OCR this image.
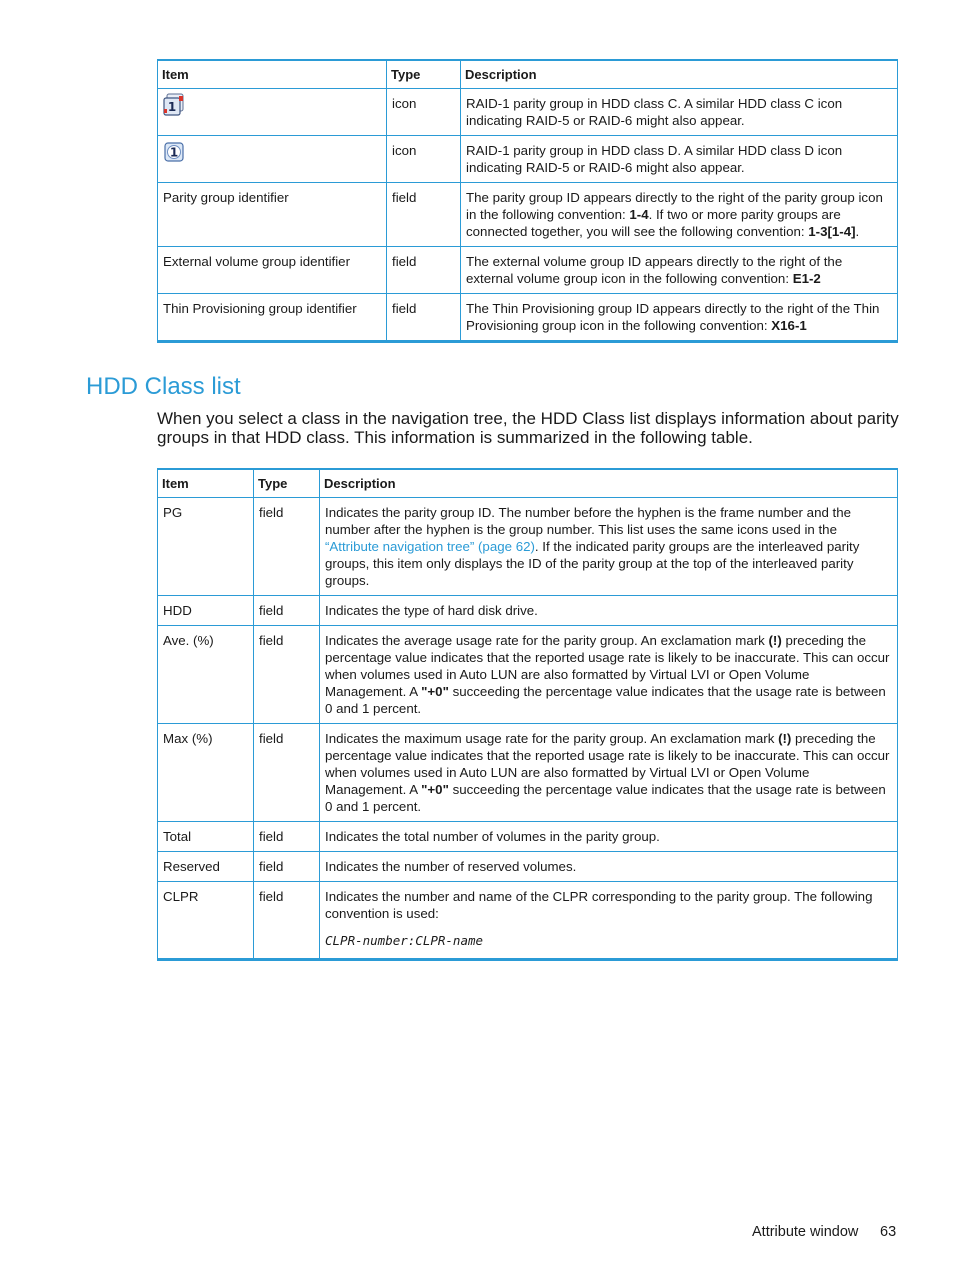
Item	Type	Description

1	icon	RAID-1 parity group in HDD class C. A similar HDD class C icon indicating RAID-5 or RAID-6 might also appear.

1	icon	RAID-1 parity group in HDD class D. A similar HDD class D icon indicating RAID-5 or RAID-6 might also appear.
Parity group identifier	field	The parity group ID appears directly to the right of the parity group icon in the following convention: 1-4. If two or more parity groups are connected together, you will see the following convention: 1-3[1-4].
External volume group identifier	field	The external volume group ID appears directly to the right of the external volume group icon in the following convention: E1-2
Thin Provisioning group identifier	field	The Thin Provisioning group ID appears directly to the right of the Thin Provisioning group icon in the following convention: X16-1
HDD Class list

When you select a class in the navigation tree, the HDD Class list displays information about parity groups in that HDD class. This information is summarized in the following table.

Item	Type	Description
PG	field	Indicates the parity group ID. The number before the hyphen is the frame number and the number after the hyphen is the group number. This list uses the same icons used in the “Attribute navigation tree” (page 62). If the indicated parity groups are the interleaved parity groups, this item only displays the ID of the parity group at the top of the interleaved parity groups.
HDD	field	Indicates the type of hard disk drive.
Ave. (%)	field	Indicates the average usage rate for the parity group. An exclamation mark (!) preceding the percentage value indicates that the reported usage rate is likely to be inaccurate. This can occur when volumes used in Auto LUN are also formatted by Virtual LVI or Open Volume Management. A "+0" succeeding the percentage value indicates that the usage rate is between 0 and 1 percent.
Max (%)	field	Indicates the maximum usage rate for the parity group. An exclamation mark (!) preceding the percentage value indicates that the reported usage rate is likely to be inaccurate. This can occur when volumes used in Auto LUN are also formatted by Virtual LVI or Open Volume Management. A "+0" succeeding the percentage value indicates that the usage rate is between 0 and 1 percent.
Total	field	Indicates the total number of volumes in the parity group.
Reserved	field	Indicates the number of reserved volumes.
CLPR	field	Indicates the number and name of the CLPR corresponding to the parity group. The following convention is used:
CLPR-number:CLPR-name
Attribute window 63
